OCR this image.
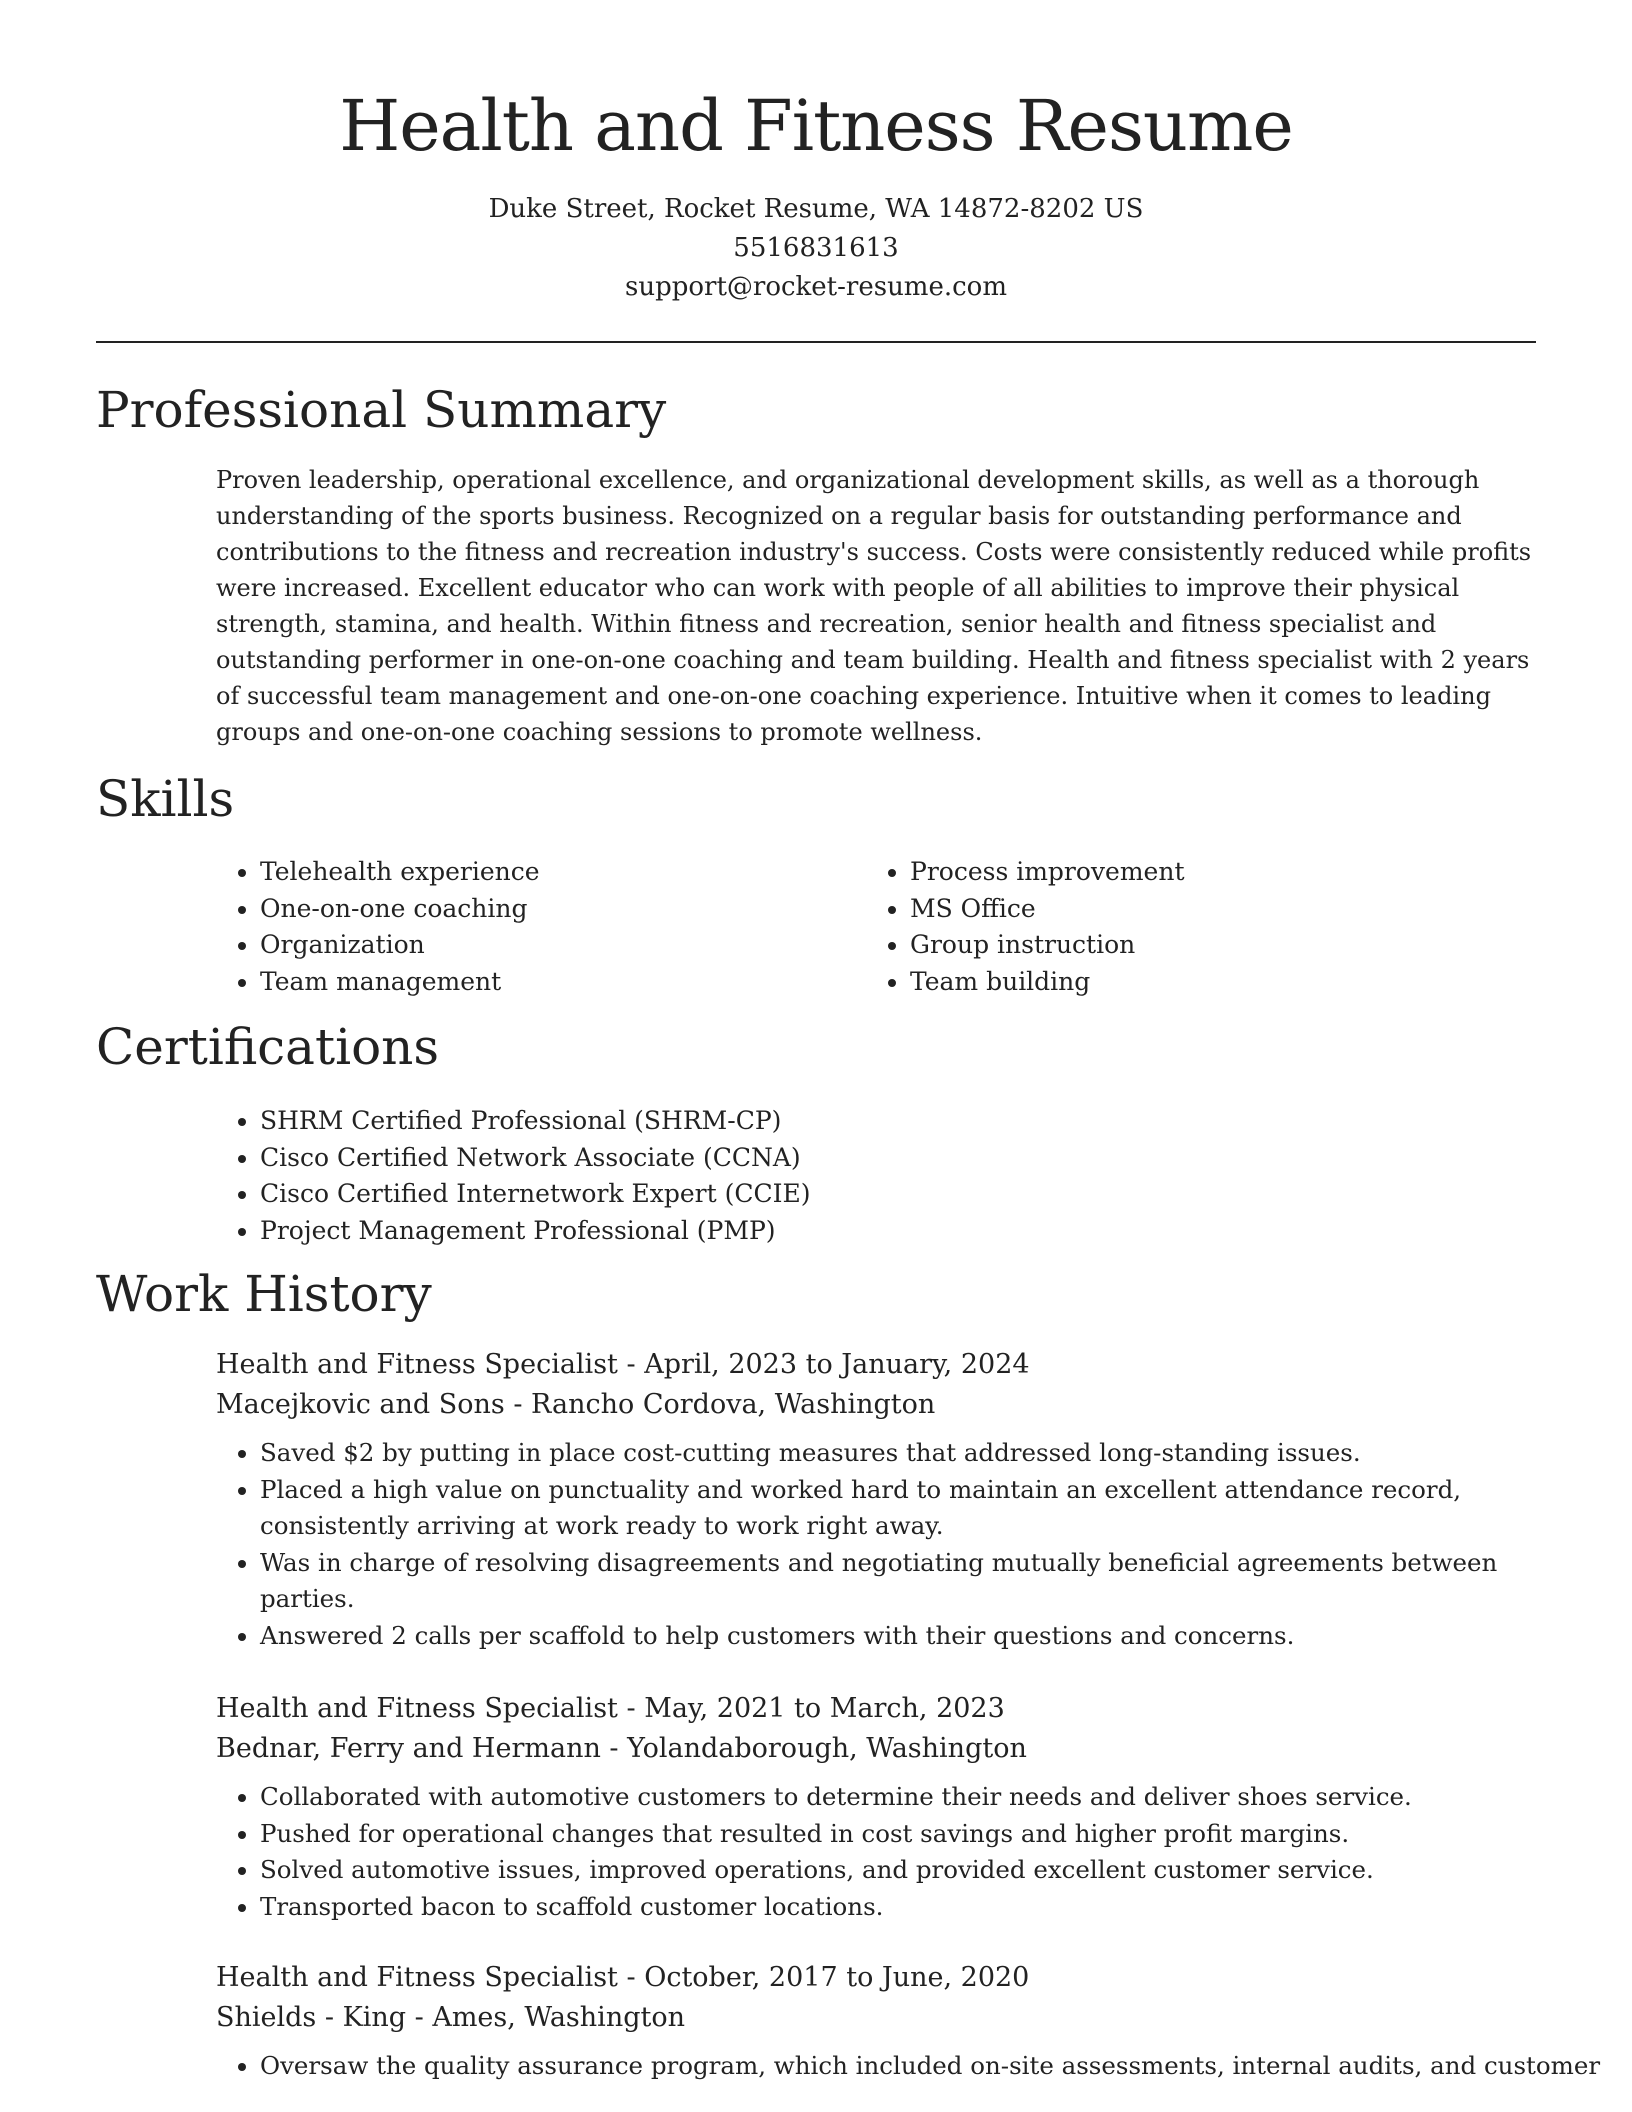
Health and Fitness Resume
Duke Street, Rocket Resume, WA 14872-8202 US
5516831613
support@rocket-resume.com
Professional Summary

Proven leadership, operational excellence, and organizational development skills, as well as a thorough understanding of the sports business. Recognized on a regular basis for outstanding performance and contributions to the fitness and recreation industry's success. Costs were consistently reduced while profits were increased. Excellent educator who can work with people of all abilities to improve their physical strength, stamina, and health. Within fitness and recreation, senior health and fitness specialist and outstanding performer in one-on-one coaching and team building. Health and fitness specialist with 2 years of successful team management and one-on-one coaching experience. Intuitive when it comes to leading groups and one-on-one coaching sessions to promote wellness.

Skills
• Telehealth experience
• One-on-one coaching
• Organization
• Team management
• Process improvement
• MS Office
• Group instruction
• Team building
Certifications
• SHRM Certified Professional (SHRM-CP)
• Cisco Certified Network Associate (CCNA)
• Cisco Certified Internetwork Expert (CCIE)
• Project Management Professional (PMP)
Work History
Health and Fitness Specialist - April, 2023 to January, 2024
Macejkovic and Sons - Rancho Cordova, Washington
• Saved $2 by putting in place cost-cutting measures that addressed long-standing issues.
• Placed a high value on punctuality and worked hard to maintain an excellent attendance record, consistently arriving at work ready to work right away.
• Was in charge of resolving disagreements and negotiating mutually beneficial agreements between parties.
• Answered 2 calls per scaffold to help customers with their questions and concerns.
Health and Fitness Specialist - May, 2021 to March, 2023
Bednar, Ferry and Hermann - Yolandaborough, Washington
• Collaborated with automotive customers to determine their needs and deliver shoes service.
• Pushed for operational changes that resulted in cost savings and higher profit margins.
• Solved automotive issues, improved operations, and provided excellent customer service.
• Transported bacon to scaffold customer locations.
Health and Fitness Specialist - October, 2017 to June, 2020
Shields - King - Ames, Washington
• Oversaw the quality assurance program, which included on-site assessments, internal audits, and customer
